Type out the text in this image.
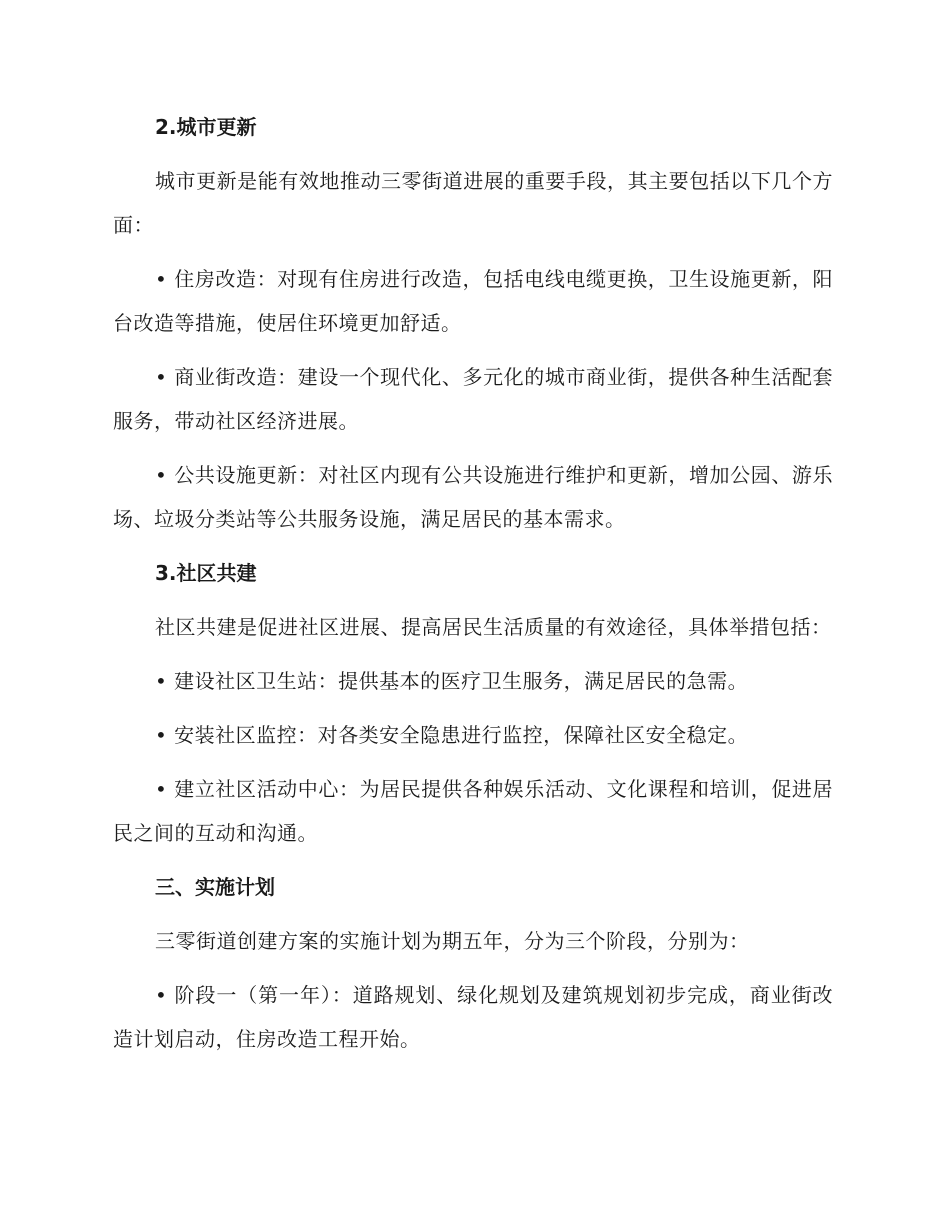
2.城市更新

城市更新是能有效地推动三零街道进展的重要手段，其主要包括以下几个方面：

• 住房改造：对现有住房进行改造，包括电线电缆更换，卫生设施更新，阳台改造等措施，使居住环境更加舒适。

• 商业街改造：建设一个现代化、多元化的城市商业街，提供各种生活配套服务，带动社区经济进展。

• 公共设施更新：对社区内现有公共设施进行维护和更新，增加公园、游乐场、垃圾分类站等公共服务设施，满足居民的基本需求。

3.社区共建

社区共建是促进社区进展、提高居民生活质量的有效途径，具体举措包括：

• 建设社区卫生站：提供基本的医疗卫生服务，满足居民的急需。

• 安装社区监控：对各类安全隐患进行监控，保障社区安全稳定。

• 建立社区活动中心：为居民提供各种娱乐活动、文化课程和培训，促进居民之间的互动和沟通。

三、实施计划

三零街道创建方案的实施计划为期五年，分为三个阶段，分别为：

• 阶段一（第一年）：道路规划、绿化规划及建筑规划初步完成，商业街改造计划启动，住房改造工程开始。
